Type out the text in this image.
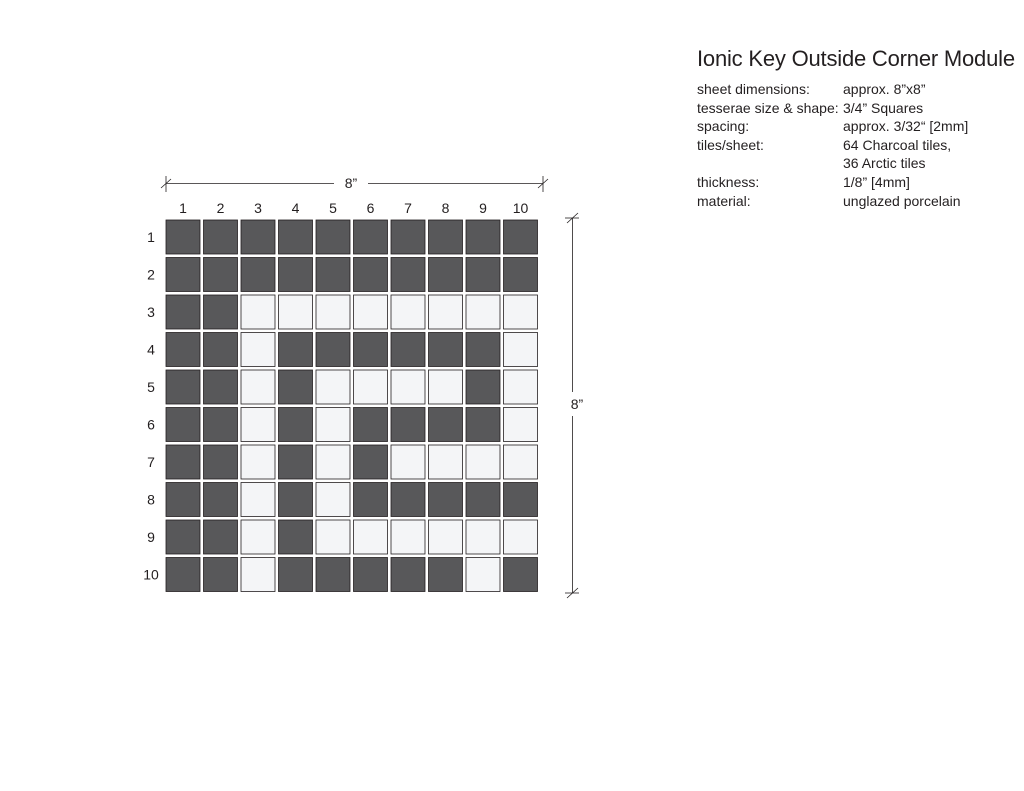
8”
8”
1 2 3 4 5 6 7 8 9 10
1
2
3
4
5
6
7
8
9
10
Ionic Key Outside Corner Module
sheet dimensions:	approx. 8”x8”
tesserae size & shape: 3/4” Squares
spacing:	approx. 3/32“ [2mm]
tiles/sheet:	64 Charcoal tiles,
36 Arctic tiles
thickness:	1/8” [4mm]
material:	unglazed porcelain
